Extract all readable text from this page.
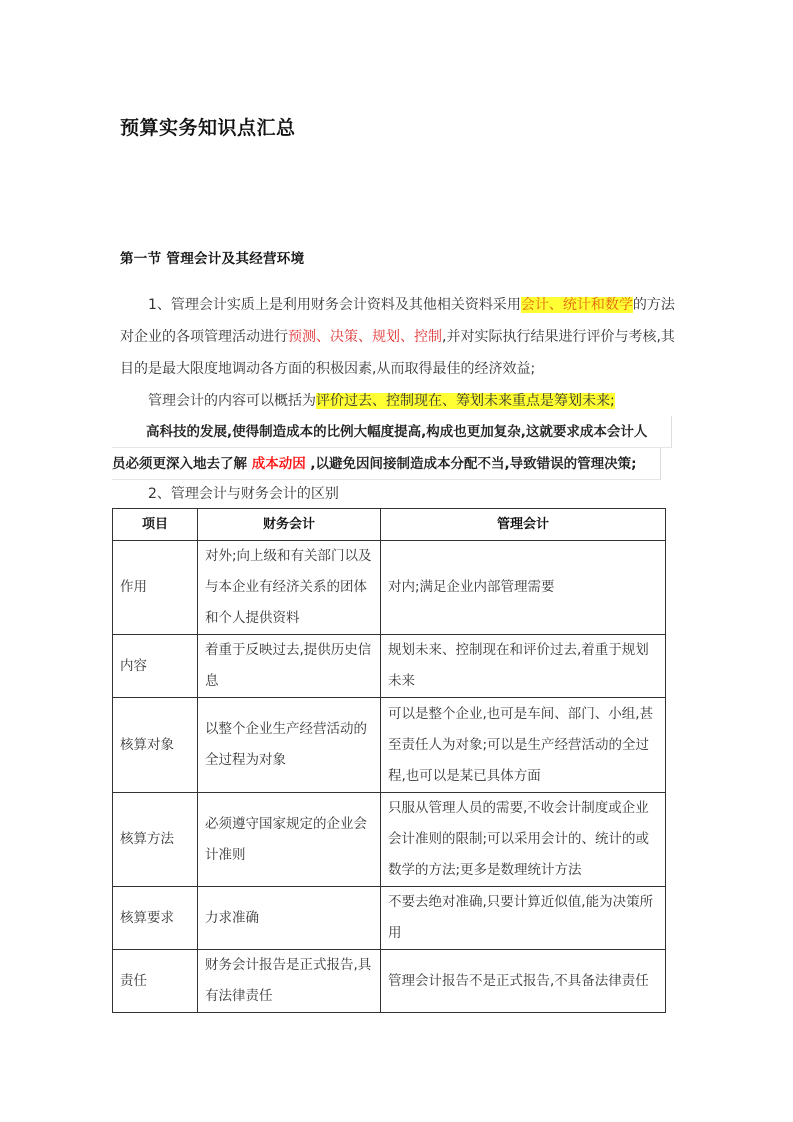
预算实务知识点汇总
第一节 管理会计及其经营环境
1、管理会计实质上是利用财务会计资料及其他相关资料采用会计、统计和数学的方法
对企业的各项管理活动进行预测、决策、规划、控制,并对实际执行结果进行评价与考核,其
目的是最大限度地调动各方面的积极因素,从而取得最佳的经济效益;
管理会计的内容可以概括为评价过去、控制现在、筹划未来重点是筹划未来;
高科技的发展,使得制造成本的比例大幅度提高,构成也更加复杂,这就要求成本会计人
员必须更深入地去了解 成本动因 ,以避免因间接制造成本分配不当,导致错误的管理决策;
2、管理会计与财务会计的区别
项目	财务会计	管理会计
作用	对外;向上级和有关部门以及与本企业有经济关系的团体和个人提供资料	对内;满足企业内部管理需要
内容	着重于反映过去,提供历史信息	规划未来、控制现在和评价过去,着重于规划未来
核算对象	以整个企业生产经营活动的全过程为对象	可以是整个企业,也可是车间、部门、小组,甚至责任人为对象;可以是生产经营活动的全过程,也可以是某已具体方面
核算方法	必须遵守国家规定的企业会计准则	只服从管理人员的需要,不收会计制度或企业会计准则的限制;可以采用会计的、统计的或数学的方法;更多是数理统计方法
核算要求	力求准确	不要去绝对准确,只要计算近似值,能为决策所用
责任	财务会计报告是正式报告,具有法律责任	管理会计报告不是正式报告,不具备法律责任
